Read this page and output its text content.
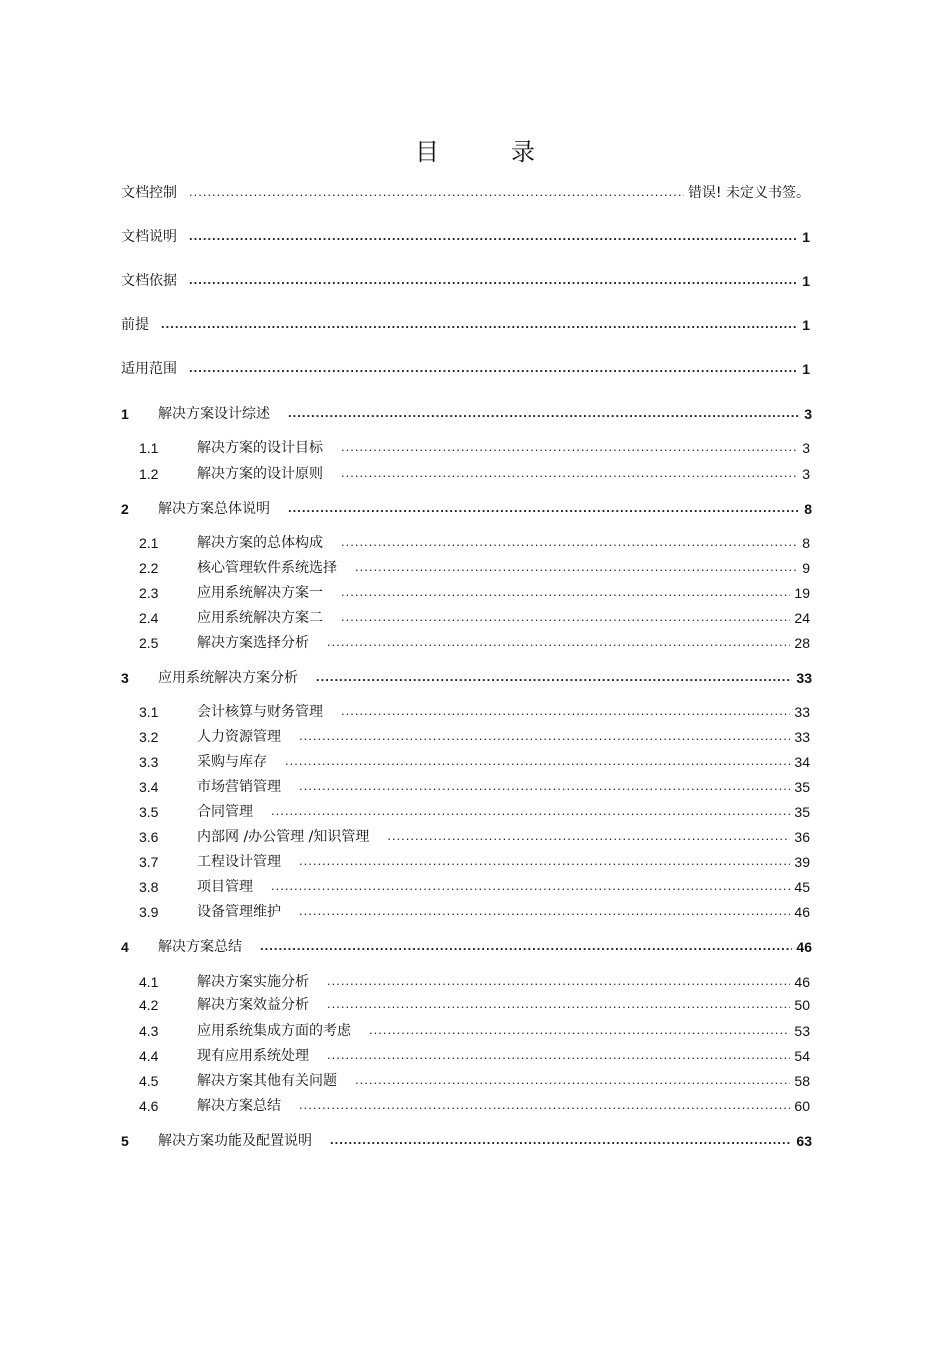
目　录
文档控制 .....	错误! 未定义书签。
文档说明 .....	1
文档依据 .....	1
前提 .....	1
适用范围 .....	1
1	解决方案设计综述 .....	3
1.1	解决方案的设计目标 .....	3
1.2	解决方案的设计原则 .....	3
2	解决方案总体说明 .....	8
2.1	解决方案的总体构成 .....	8
2.2	核心管理软件系统选择 .....	9
2.3	应用系统解决方案一 .....	19
2.4	应用系统解决方案二 .....	24
2.5	解决方案选择分析 .....	28
3	应用系统解决方案分析 .....	33
3.1	会计核算与财务管理 .....	33
3.2	人力资源管理 .....	33
3.3	采购与库存 .....	34
3.4	市场营销管理 .....	35
3.5	合同管理 .....	35
3.6	内部网 /办公管理 /知识管理 .....	36
3.7	工程设计管理 .....	39
3.8	项目管理 .....	45
3.9	设备管理维护 .....	46
4	解决方案总结 .....	46
4.1	解决方案实施分析 .....	46
4.2	解决方案效益分析 .....	50
4.3	应用系统集成方面的考虑 .....	53
4.4	现有应用系统处理 .....	54
4.5	解决方案其他有关问题 .....	58
4.6	解决方案总结 .....	60
5	解决方案功能及配置说明 .....	63
